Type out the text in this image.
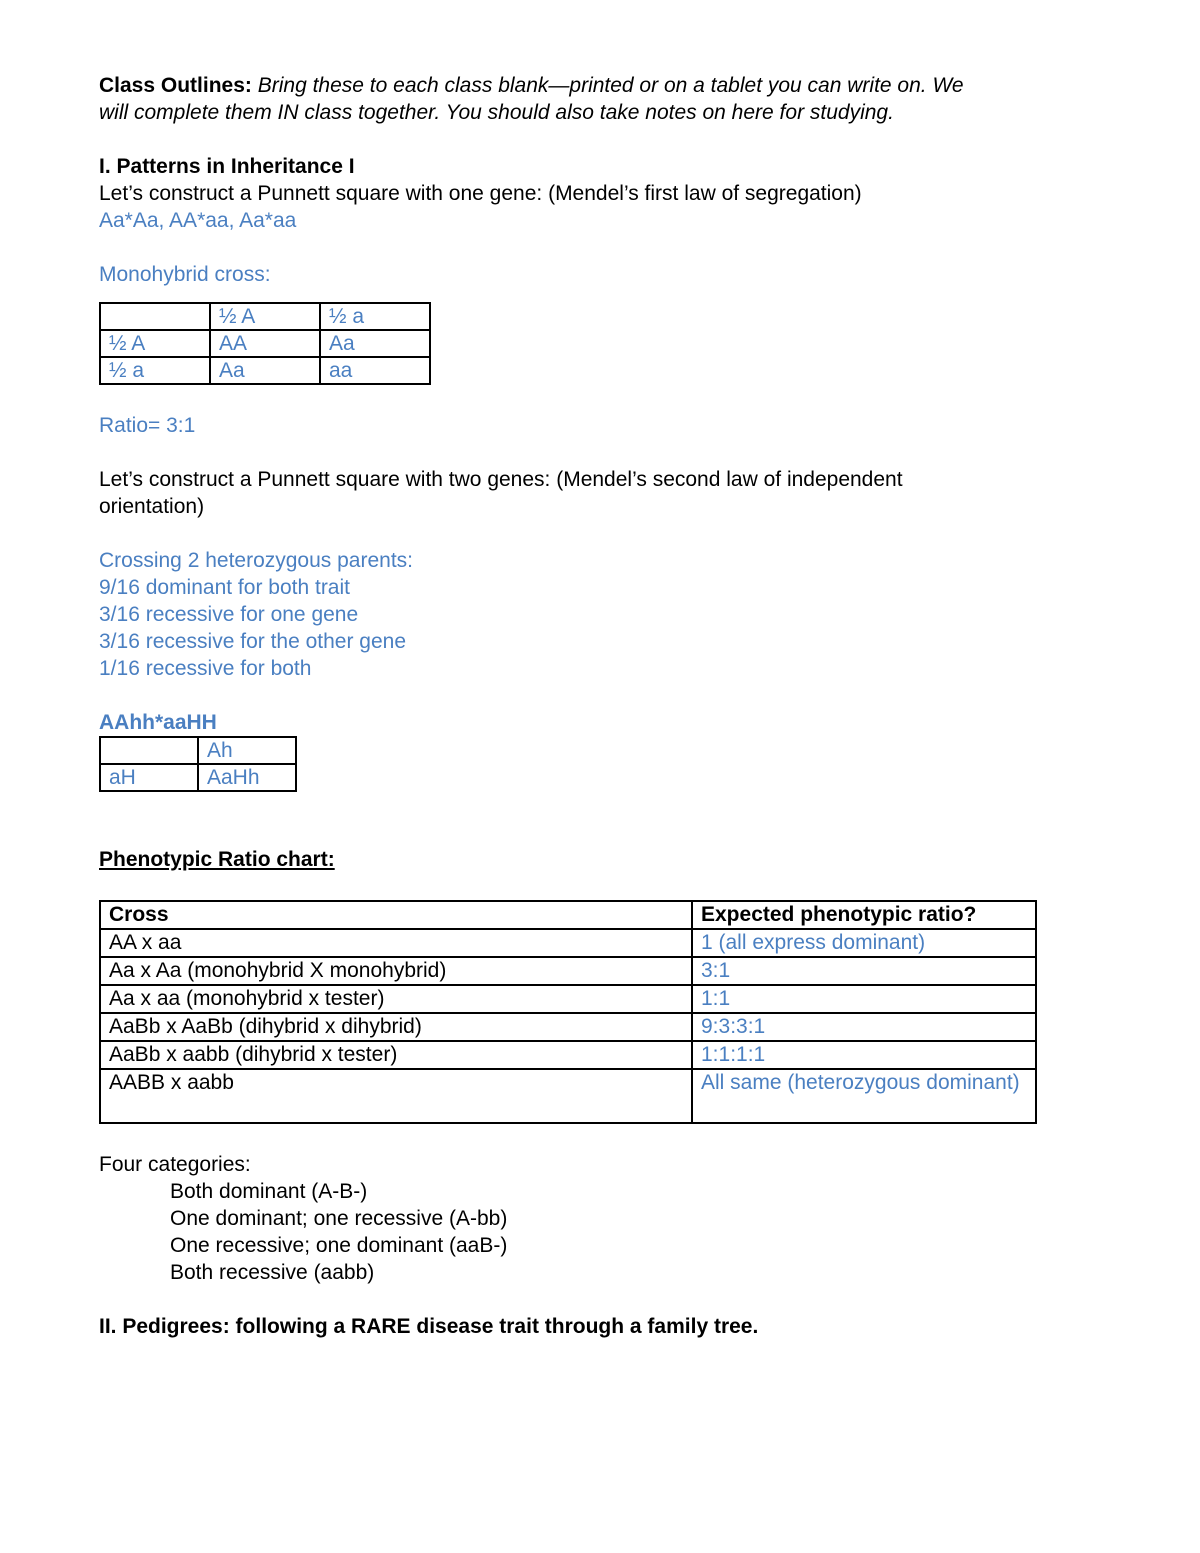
Class Outlines: Bring these to each class blank—printed or on a tablet you can write on. We
will complete them IN class together. You should also take notes on here for studying.
I. Patterns in Inheritance I
Let’s construct a Punnett square with one gene: (Mendel’s first law of segregation)
Aa*Aa, AA*aa, Aa*aa
Monohybrid cross:
	½ A	½ a
½ A	AA	Aa
½ a	Aa	aa
Ratio= 3:1
Let’s construct a Punnett square with two genes: (Mendel’s second law of independent
orientation)
Crossing 2 heterozygous parents:
9/16 dominant for both trait
3/16 recessive for one gene
3/16 recessive for the other gene
1/16 recessive for both
AAhh*aaHH
	Ah
aH	AaHh
Phenotypic Ratio chart:
Cross	Expected phenotypic ratio?
AA x aa	1 (all express dominant)
Aa x Aa (monohybrid X monohybrid)	3:1
Aa x aa (monohybrid x tester)	1:1
AaBb x AaBb (dihybrid x dihybrid)	9:3:3:1
AaBb x aabb (dihybrid x tester)	1:1:1:1
AABB x aabb	All same (heterozygous dominant)
Four categories:
Both dominant (A-B-)
One dominant; one recessive (A-bb)
One recessive; one dominant (aaB-)
Both recessive (aabb)
II. Pedigrees: following a RARE disease trait through a family tree.
